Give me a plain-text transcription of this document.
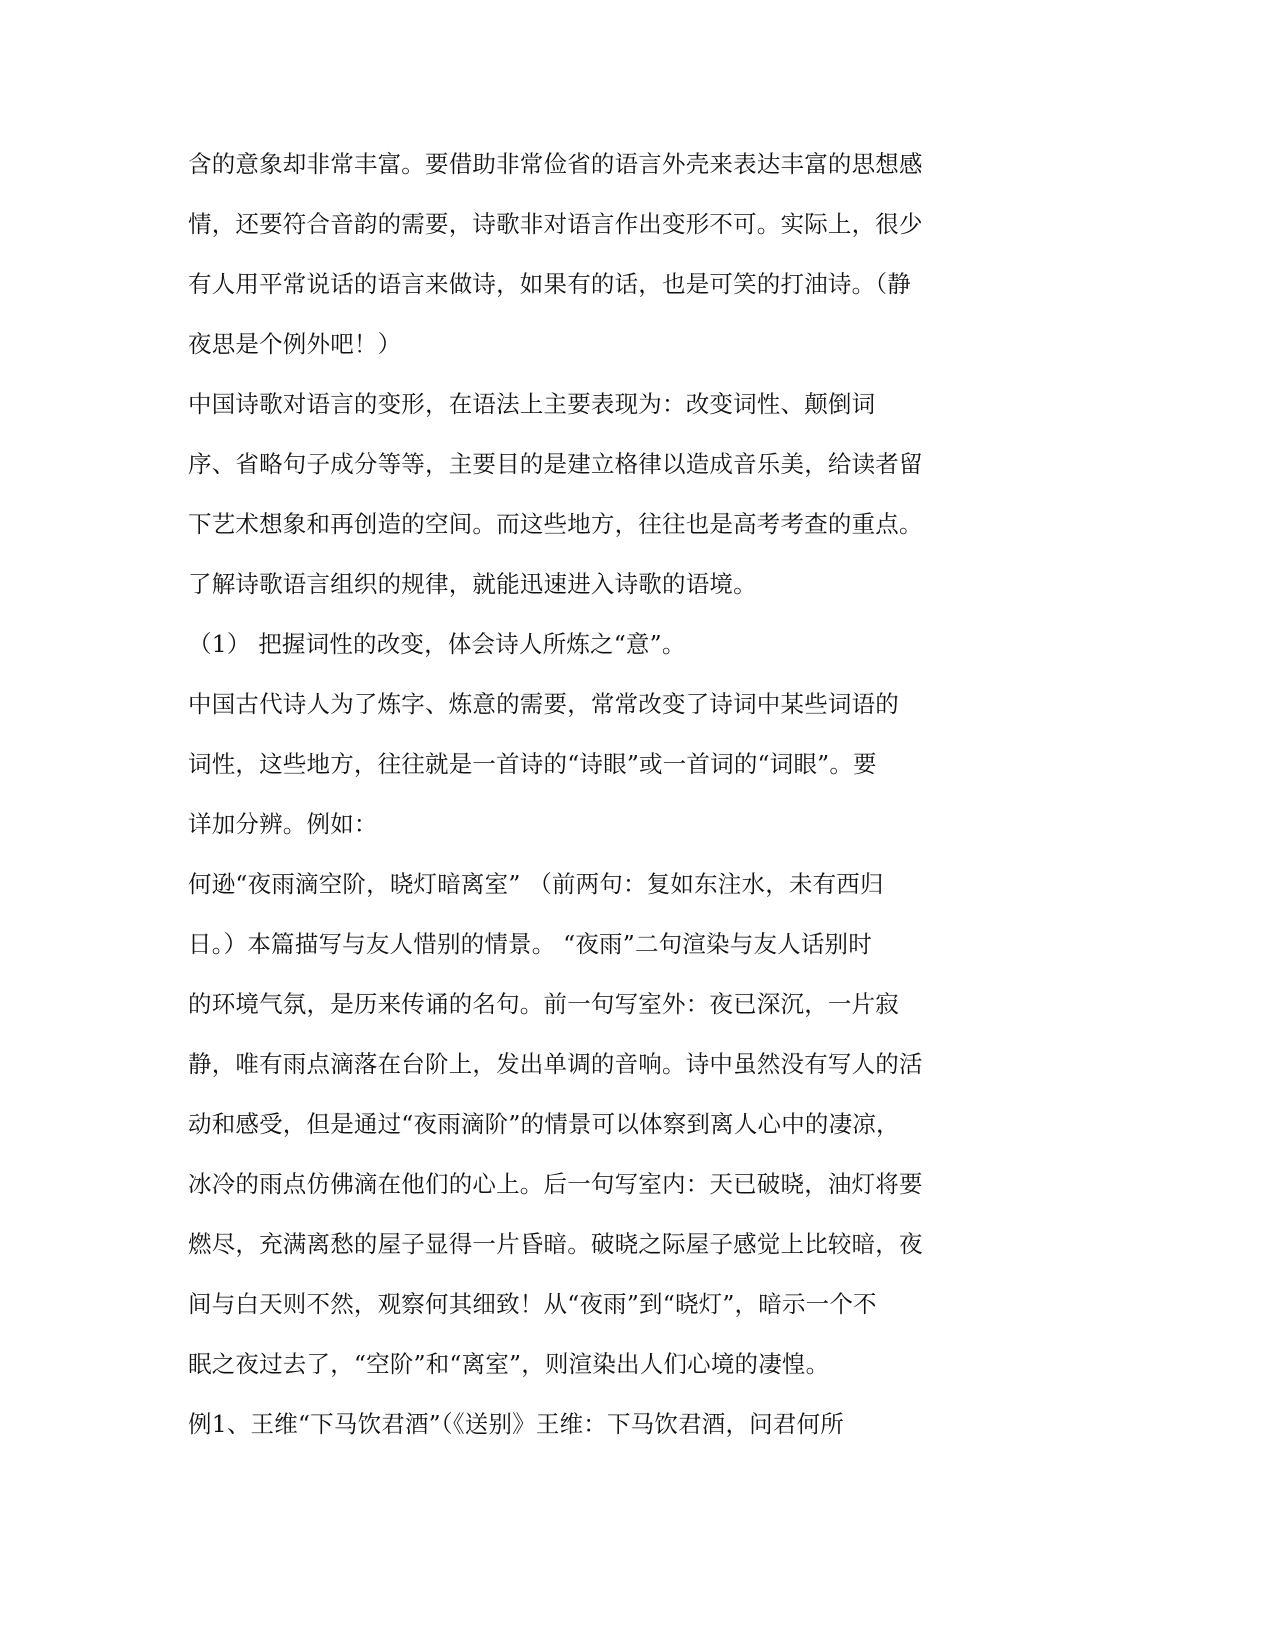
含的意象却非常丰富。要借助非常俭省的语言外壳来表达丰富的思想感
情，还要符合音韵的需要，诗歌非对语言作出变形不可。实际上，很少
有人用平常说话的语言来做诗，如果有的话，也是可笑的打油诗。（静
夜思是个例外吧！）
中国诗歌对语言的变形，在语法上主要表现为：改变词性、颠倒词
序、省略句子成分等等，主要目的是建立格律以造成音乐美，给读者留
下艺术想象和再创造的空间。而这些地方，往往也是高考考查的重点。
了解诗歌语言组织的规律，就能迅速进入诗歌的语境。
（1） 把握词性的改变，体会诗人所炼之“意”。
中国古代诗人为了炼字、炼意的需要，常常改变了诗词中某些词语的
词性，这些地方，往往就是一首诗的“诗眼”或一首词的“词眼”。要
详加分辨。例如：
何逊“夜雨滴空阶，晓灯暗离室” （前两句：复如东注水，未有西归
日。）本篇描写与友人惜别的情景。 “夜雨”二句渲染与友人话别时
的环境气氛，是历来传诵的名句。前一句写室外：夜已深沉，一片寂
静，唯有雨点滴落在台阶上，发出单调的音响。诗中虽然没有写人的活
动和感受，但是通过“夜雨滴阶”的情景可以体察到离人心中的凄凉，
冰冷的雨点仿佛滴在他们的心上。后一句写室内：天已破晓，油灯将要
燃尽，充满离愁的屋子显得一片昏暗。破晓之际屋子感觉上比较暗，夜
间与白天则不然，观察何其细致！从“夜雨”到“晓灯”，暗示一个不
眠之夜过去了，“空阶”和“离室”，则渲染出人们心境的凄惶。
例1、王维“下马饮君酒”（《送别》王维：下马饮君酒，问君何所
